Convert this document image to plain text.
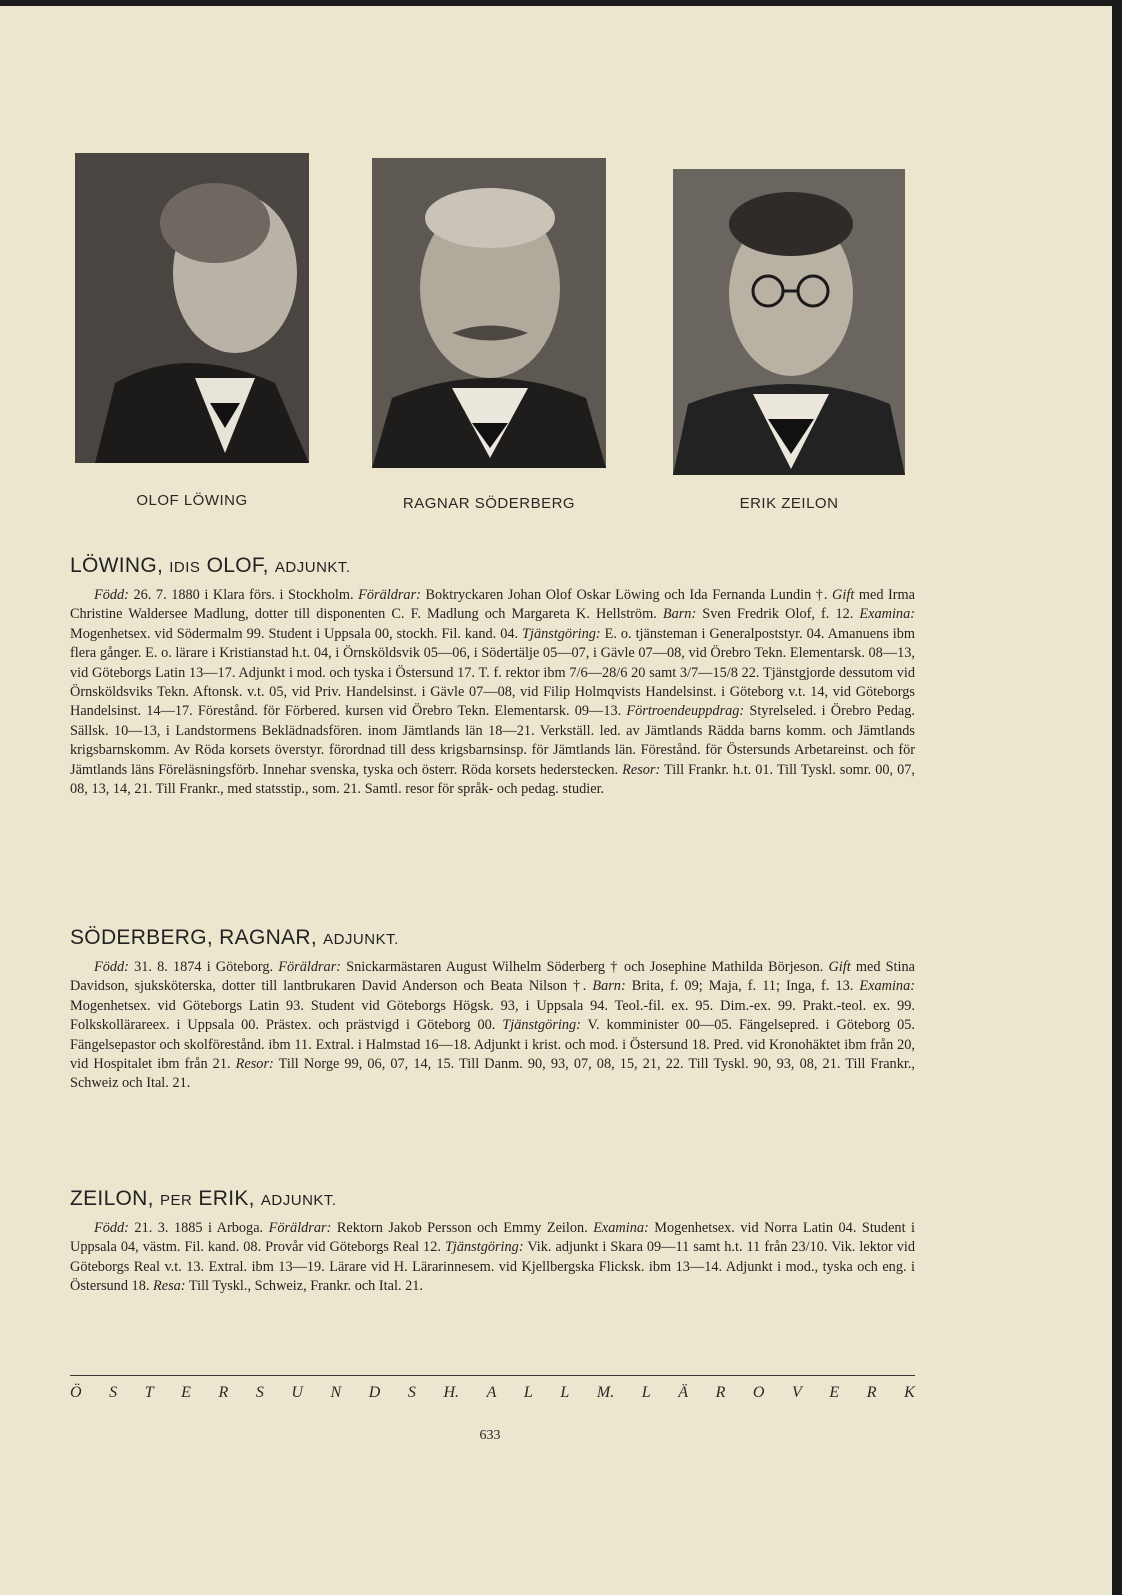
OLOF LÖWING	RAGNAR SÖDERBERG	ERIK ZEILON
LÖWING, IDIS OLOF, ADJUNKT.

Född: 26. 7. 1880 i Klara förs. i Stockholm. Föräldrar: Boktryckaren Johan Olof Oskar Löwing och Ida Fernanda Lundin †. Gift med Irma Christine Waldersee Madlung, dotter till disponenten C. F. Madlung och Margareta K. Hellström. Barn: Sven Fredrik Olof, f. 12. Examina: Mogenhetsex. vid Södermalm 99. Student i Uppsala 00, stockh. Fil. kand. 04. Tjänstgöring: E. o. tjänsteman i Generalpoststyr. 04. Amanuens ibm flera gånger. E. o. lärare i Kristianstad h.t. 04, i Örnsköldsvik 05—06, i Södertälje 05—07, i Gävle 07—08, vid Örebro Tekn. Elementarsk. 08—13, vid Göteborgs Latin 13—17. Adjunkt i mod. och tyska i Östersund 17. T. f. rektor ibm 7/6—28/6 20 samt 3/7—15/8 22. Tjänstgjorde dessutom vid Örnsköldsviks Tekn. Aftonsk. v.t. 05, vid Priv. Handelsinst. i Gävle 07—08, vid Filip Holmqvists Handelsinst. i Göteborg v.t. 14, vid Göteborgs Handelsinst. 14—17. Förestånd. för Förbered. kursen vid Örebro Tekn. Elementarsk. 09—13. Förtroendeuppdrag: Styrelseled. i Örebro Pedag. Sällsk. 10—13, i Landstormens Beklädnadsfören. inom Jämtlands län 18—21. Verkställ. led. av Jämtlands Rädda barns komm. och Jämtlands krigsbarnskomm. Av Röda korsets överstyr. förordnad till dess krigsbarnsinsp. för Jämtlands län. Förestånd. för Östersunds Arbetareinst. och för Jämtlands läns Föreläsningsförb. Innehar svenska, tyska och österr. Röda korsets hederstecken. Resor: Till Frankr. h.t. 01. Till Tyskl. somr. 00, 07, 08, 13, 14, 21. Till Frankr., med statsstip., som. 21. Samtl. resor för språk- och pedag. studier.

SÖDERBERG, RAGNAR, ADJUNKT.

Född: 31. 8. 1874 i Göteborg. Föräldrar: Snickarmästaren August Wilhelm Söderberg † och Josephine Mathilda Börjeson. Gift med Stina Davidson, sjuksköterska, dotter till lantbrukaren David Anderson och Beata Nilson †. Barn: Brita, f. 09; Maja, f. 11; Inga, f. 13. Examina: Mogenhetsex. vid Göteborgs Latin 93. Student vid Göteborgs Högsk. 93, i Uppsala 94. Teol.-fil. ex. 95. Dim.-ex. 99. Prakt.-teol. ex. 99. Folkskollärareex. i Uppsala 00. Prästex. och prästvigd i Göteborg 00. Tjänstgöring: V. komminister 00—05. Fängelsepred. i Göteborg 05. Fängelsepastor och skolförestånd. ibm 11. Extral. i Halmstad 16—18. Adjunkt i krist. och mod. i Östersund 18. Pred. vid Kronohäktet ibm från 20, vid Hospitalet ibm från 21. Resor: Till Norge 99, 06, 07, 14, 15. Till Danm. 90, 93, 07, 08, 15, 21, 22. Till Tyskl. 90, 93, 08, 21. Till Frankr., Schweiz och Ital. 21.

ZEILON, PER ERIK, ADJUNKT.

Född: 21. 3. 1885 i Arboga. Föräldrar: Rektorn Jakob Persson och Emmy Zeilon. Examina: Mogenhetsex. vid Norra Latin 04. Student i Uppsala 04, västm. Fil. kand. 08. Provår vid Göteborgs Real 12. Tjänstgöring: Vik. adjunkt i Skara 09—11 samt h.t. 11 från 23/10. Vik. lektor vid Göteborgs Real v.t. 13. Extral. ibm 13—19. Lärare vid H. Lärarinnesem. vid Kjellbergska Flicksk. ibm 13—14. Adjunkt i mod., tyska och eng. i Östersund 18. Resa: Till Tyskl., Schweiz, Frankr. och Ital. 21.

Ö S T E R S U N D S H. A L L M. L Ä R O V E R K
633
